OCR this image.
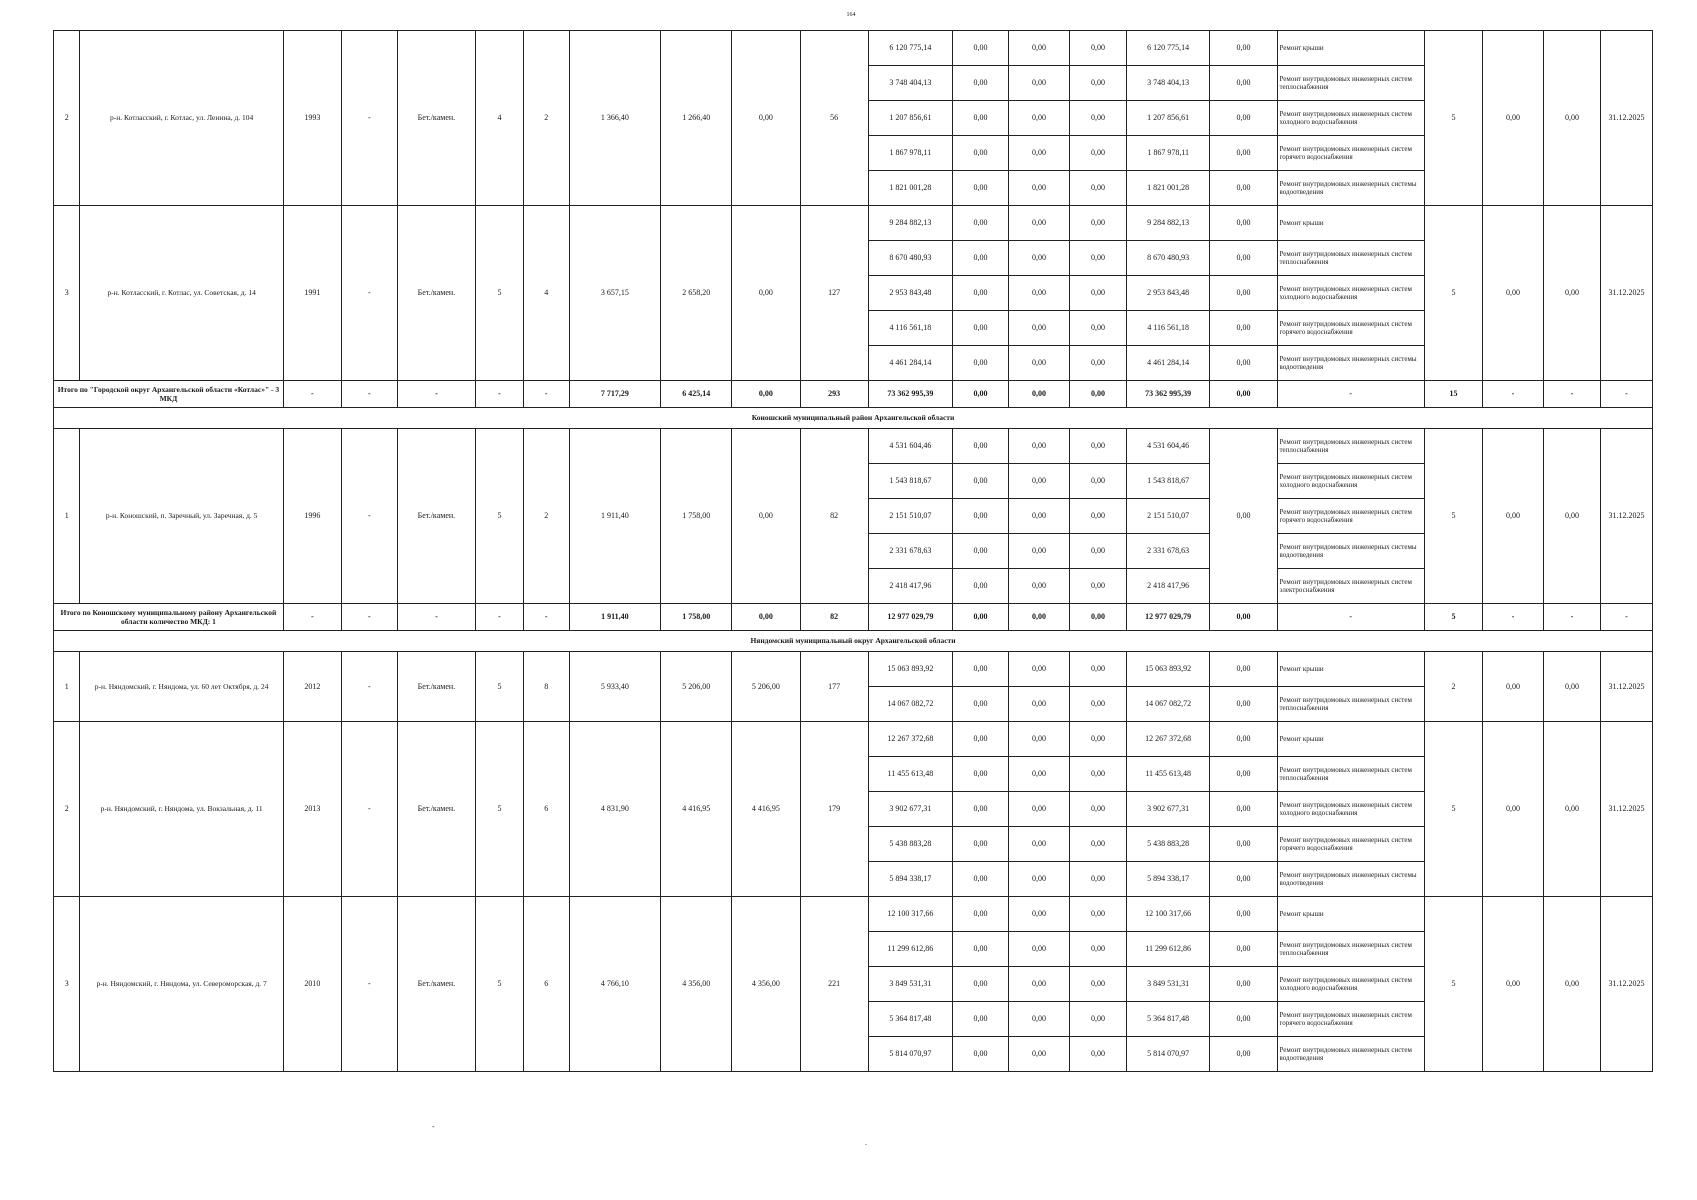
164
2	р-н. Котласский, г. Котлас, ул. Ленина, д. 104	1993	-	Бет./камен.	4	2	1 366,40	1 266,40	0,00	56	6 120 775,14	0,00	0,00	0,00	6 120 775,14	0,00	Ремонт крыши	5	0,00	0,00	31.12.2025
											3 748 404,13	0,00	0,00	0,00	3 748 404,13	0,00	Ремонт внутридомовых инженерных систем теплоснабжения				
											1 207 856,61	0,00	0,00	0,00	1 207 856,61	0,00	Ремонт внутридомовых инженерных систем холодного водоснабжения				
											1 867 978,11	0,00	0,00	0,00	1 867 978,11	0,00	Ремонт внутридомовых инженерных систем горячего водоснабжения				
											1 821 001,28	0,00	0,00	0,00	1 821 001,28	0,00	Ремонт внутридомовых инженерных системы водоотведения				
3	р-н. Котласский, г. Котлас, ул. Советская, д. 14	1991	-	Бет./камен.	5	4	3 657,15	2 658,20	0,00	127	9 284 882,13	0,00	0,00	0,00	9 284 882,13	0,00	Ремонт крыши	5	0,00	0,00	31.12.2025
											8 670 480,93	0,00	0,00	0,00	8 670 480,93	0,00	Ремонт внутридомовых инженерных систем теплоснабжения				
											2 953 843,48	0,00	0,00	0,00	2 953 843,48	0,00	Ремонт внутридомовых инженерных систем холодного водоснабжения				
											4 116 561,18	0,00	0,00	0,00	4 116 561,18	0,00	Ремонт внутридомовых инженерных систем горячего водоснабжения				
											4 461 284,14	0,00	0,00	0,00	4 461 284,14	0,00	Ремонт внутридомовых инженерных системы водоотведения				
Итого по "Городской округ Архангельской области «Котлас»" - 3 МКД		-	-	-	-	-	7 717,29	6 425,14	0,00	293	73 362 995,39	0,00	0,00	0,00	73 362 995,39	0,00	-	15	-	-	-
Коношский муниципальный район Архангельской области																					
1	р-н. Коношский, п. Заречный, ул. Заречная, д. 5	1996	-	Бет./камен.	5	2	1 911,40	1 758,00	0,00	82	4 531 604,46	0,00	0,00	0,00	4 531 604,46	0,00	Ремонт внутридомовых инженерных систем теплоснабжения	5	0,00	0,00	31.12.2025
											1 543 818,67	0,00	0,00	0,00	1 543 818,67		Ремонт внутридомовых инженерных систем холодного водоснабжения				
											2 151 510,07	0,00	0,00	0,00	2 151 510,07		Ремонт внутридомовых инженерных систем горячего водоснабжения				
											2 331 678,63	0,00	0,00	0,00	2 331 678,63		Ремонт внутридомовых инженерных системы водоотведения				
											2 418 417,96	0,00	0,00	0,00	2 418 417,96		Ремонт внутридомовых инженерных систем электроснабжения				
Итого по Коношскому муниципальному району Архангельской области количество МКД: 1		-	-	-	-	-	1 911,40	1 758,00	0,00	82	12 977 029,79	0,00	0,00	0,00	12 977 029,79	0,00	-	5	-	-	-
Няндомский муниципальный округ Архангельской области																					
1	р-н. Няндомский, г. Няндома, ул. 60 лет Октября, д. 24	2012	-	Бет./камен.	5	8	5 933,40	5 206,00	5 206,00	177	15 063 893,92	0,00	0,00	0,00	15 063 893,92	0,00	Ремонт крыши	2	0,00	0,00	31.12.2025
											14 067 082,72	0,00	0,00	0,00	14 067 082,72	0,00	Ремонт внутридомовых инженерных систем теплоснабжения				
2	р-н. Няндомский, г. Няндома, ул. Вокзальная, д. 11	2013	-	Бет./камен.	5	6	4 831,90	4 416,95	4 416,95	179	12 267 372,68	0,00	0,00	0,00	12 267 372,68	0,00	Ремонт крыши	5	0,00	0,00	31.12.2025
											11 455 613,48	0,00	0,00	0,00	11 455 613,48	0,00	Ремонт внутридомовых инженерных систем теплоснабжения				
											3 902 677,31	0,00	0,00	0,00	3 902 677,31	0,00	Ремонт внутридомовых инженерных систем холодного водоснабжения				
											5 438 883,28	0,00	0,00	0,00	5 438 883,28	0,00	Ремонт внутридомовых инженерных систем горячего водоснабжения				
											5 894 338,17	0,00	0,00	0,00	5 894 338,17	0,00	Ремонт внутридомовых инженерных системы водоотведения				
3	р-н. Няндомский, г. Няндома, ул. Североморская, д. 7	2010	-	Бет./камен.	5	6	4 766,10	4 356,00	4 356,00	221	12 100 317,66	0,00	0,00	0,00	12 100 317,66	0,00	Ремонт крыши	5	0,00	0,00	31.12.2025
											11 299 612,86	0,00	0,00	0,00	11 299 612,86	0,00	Ремонт внутридомовых инженерных систем теплоснабжения				
											3 849 531,31	0,00	0,00	0,00	3 849 531,31	0,00	Ремонт внутридомовых инженерных систем холодного водоснабжения				
											5 364 817,48	0,00	0,00	0,00	5 364 817,48	0,00	Ремонт внутридомовых инженерных систем горячего водоснабжения				
											5 814 070,97	0,00	0,00	0,00	5 814 070,97	0,00	Ремонт внутридомовых инженерных систем водоотведения				
-
.
